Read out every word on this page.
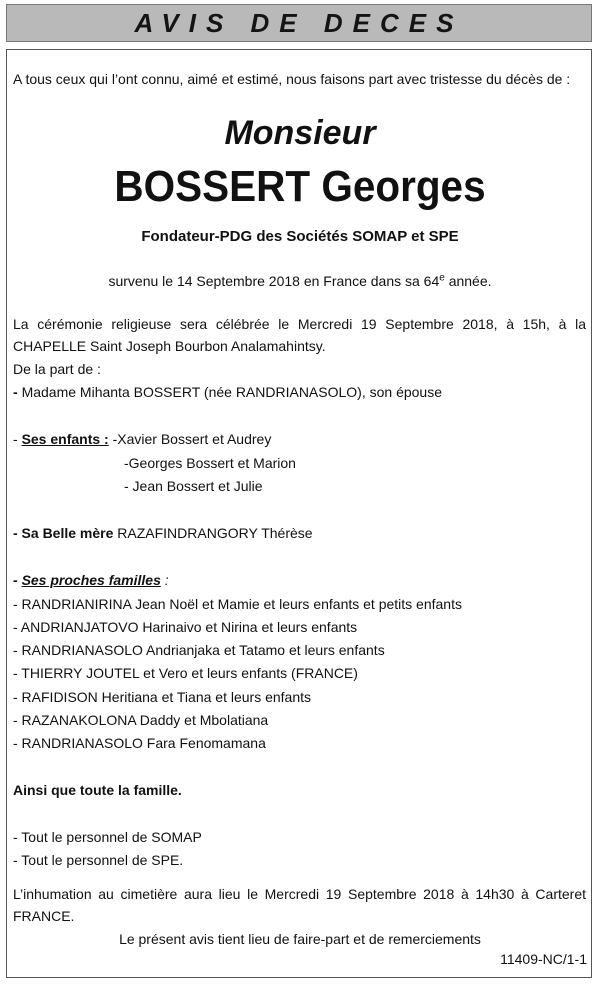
AVIS DE DECES
A tous ceux qui l’ont connu, aimé et estimé, nous faisons part avec tristesse du décès de :
Monsieur
BOSSERT Georges
Fondateur-PDG des Sociétés SOMAP et SPE
survenu le 14 Septembre 2018 en France dans sa 64e année.
La cérémonie religieuse sera célébrée le Mercredi 19 Septembre 2018, à 15h, à la
CHAPELLE Saint Joseph Bourbon Analamahintsy.
De la part de :
- Madame Mihanta BOSSERT (née RANDRIANASOLO), son épouse
- Ses enfants : -Xavier Bossert et Audrey
-Georges Bossert et Marion
- Jean Bossert et Julie
- Sa Belle mère RAZAFINDRANGORY Thérèse
- Ses proches familles :
- RANDRIANIRINA Jean Noël et Mamie et leurs enfants et petits enfants
- ANDRIANJATOVO Harinaivo et Nirina et leurs enfants
- RANDRIANASOLO Andrianjaka et Tatamo et leurs enfants
- THIERRY JOUTEL et Vero et leurs enfants (FRANCE)
- RAFIDISON Heritiana et Tiana et leurs enfants
- RAZANAKOLONA Daddy et Mbolatiana
- RANDRIANASOLO Fara Fenomamana
Ainsi que toute la famille.
- Tout le personnel de SOMAP
- Tout le personnel de SPE.
L’inhumation au cimetière aura lieu le Mercredi 19 Septembre 2018 à 14h30 à Carteret
FRANCE.
Le présent avis tient lieu de faire-part et de remerciements
11409-NC/1-1
